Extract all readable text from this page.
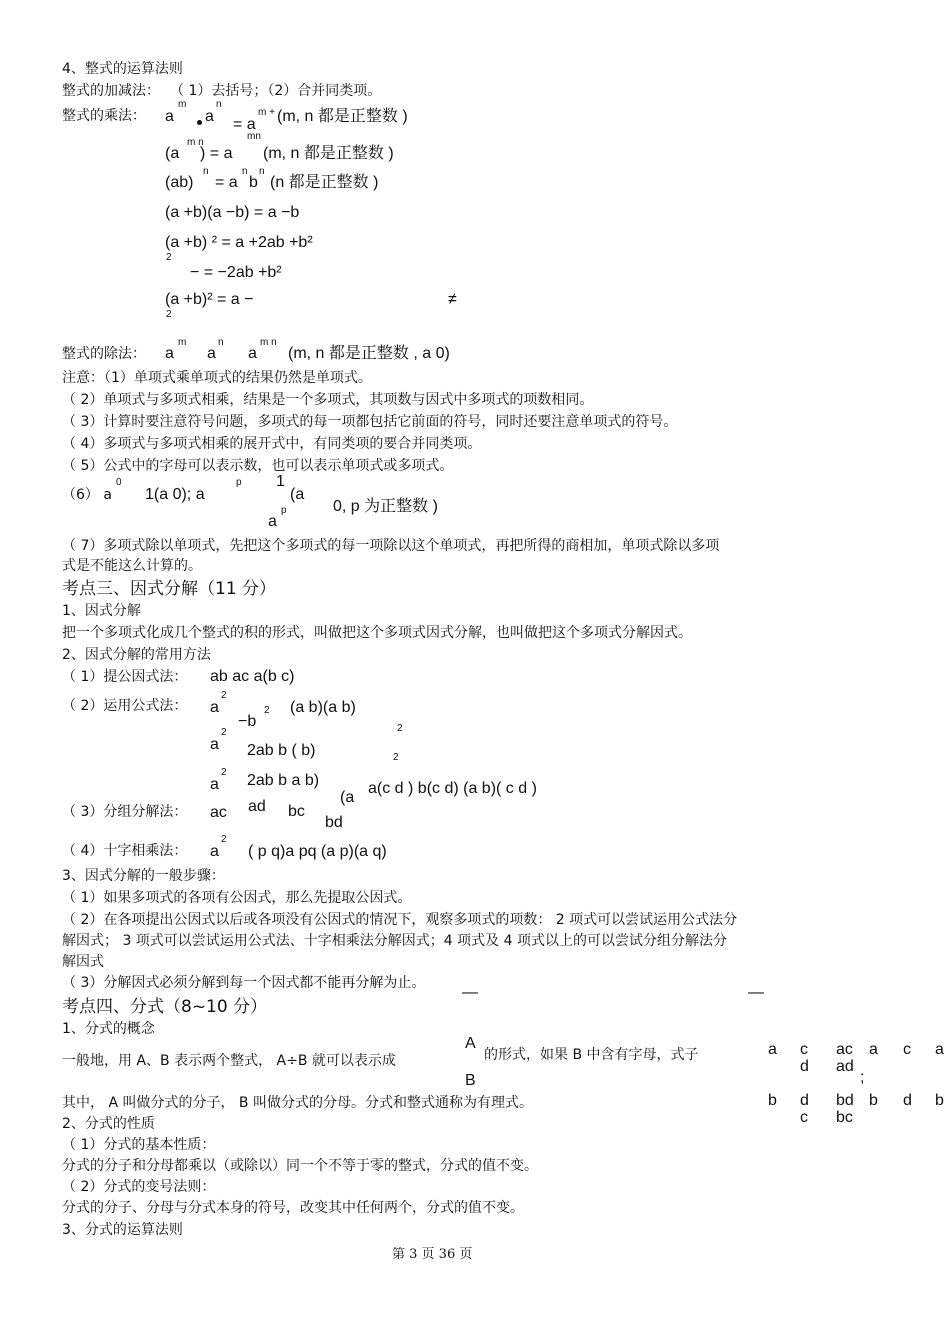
4、整式的运算法则
整式的加减法： （ 1）去括号；（2）合并同类项。
整式的乘法： a
m
a
n
= a
m +
mn
(m, n 都是正整数 )
(a
m n
) = a (m, n 都是正整数 )
(ab)
n
= a
n
b
n
(n 都是正整数 )
(a +b)(a −b) = a −b
(a +b) ² = a +2ab +b²
2
− = −2ab +b²
(a +b)² = a −
2
≠
整式的除法： a
m
a
n
a
m n
(m, n 都是正整数 , a 0)
注意：（1）单项式乘单项式的结果仍然是单项式。
（ 2）单项式与多项式相乘，结果是一个多项式，其项数与因式中多项式的项数相同。
（ 3）计算时要注意符号问题，多项式的每一项都包括它前面的符号，同时还要注意单项式的符号。
（ 4）多项式与多项式相乘的展开式中，有同类项的要合并同类项。
（ 5）公式中的字母可以表示数，也可以表示单项式或多项式。
（6） a
0
1(a 0); a
p 1
(a
a
p	0, p 为正整数 )
（ 7）多项式除以单项式，先把这个多项式的每一项除以这个单项式，再把所得的商相加，单项式除以多项
式是不能这么计算的。
考点三、因式分解（11 分）
1、因式分解
把一个多项式化成几个整式的积的形式，叫做把这个多项式因式分解，也叫做把这个多项式分解因式。
2、因式分解的常用方法
（ 1）提公因式法： ab ac a(b c)
（ 2）运用公式法： a
2
−b
2 (a b)(a b)
a
2
2ab b ( b)
2
a
2 2ab b a b)
2
（ 3）分组分解法： ac ad bc
(a
bd
a(c d ) b(c d) (a b)( c d )
（ 4）十字相乘法： a
2
( p q)a pq (a p)(a q)
3、因式分解的一般步骤：
（ 1）如果多项式的各项有公因式，那么先提取公因式。
（ 2）在各项提出公因式以后或各项没有公因式的情况下，观察多项式的项数： 2 项式可以尝试运用公式法分
解因式； 3 项式可以尝试运用公式法、十字相乘法分解因式；4 项式及 4 项式以上的可以尝试分组分解法分
解因式
（ 3）分解因式必须分解到每一个因式都不能再分解为止。
考点四、分式（8~10 分）
—	—
1、分式的概念
一般地，用 A、B 表示两个整式， A÷B 就可以表示成
A
B
的形式，如果 B 中含有字母，式子	a c
d
ac
ad
a c a
;
b d
c
bd
bc
b d b
其中， A 叫做分式的分子， B 叫做分式的分母。分式和整式通称为有理式。
2、分式的性质
（ 1）分式的基本性质：
分式的分子和分母都乘以（或除以）同一个不等于零的整式，分式的值不变。
（ 2）分式的变号法则：
分式的分子、分母与分式本身的符号，改变其中任何两个，分式的值不变。
3、分式的运算法则
第 3 页 36 页
